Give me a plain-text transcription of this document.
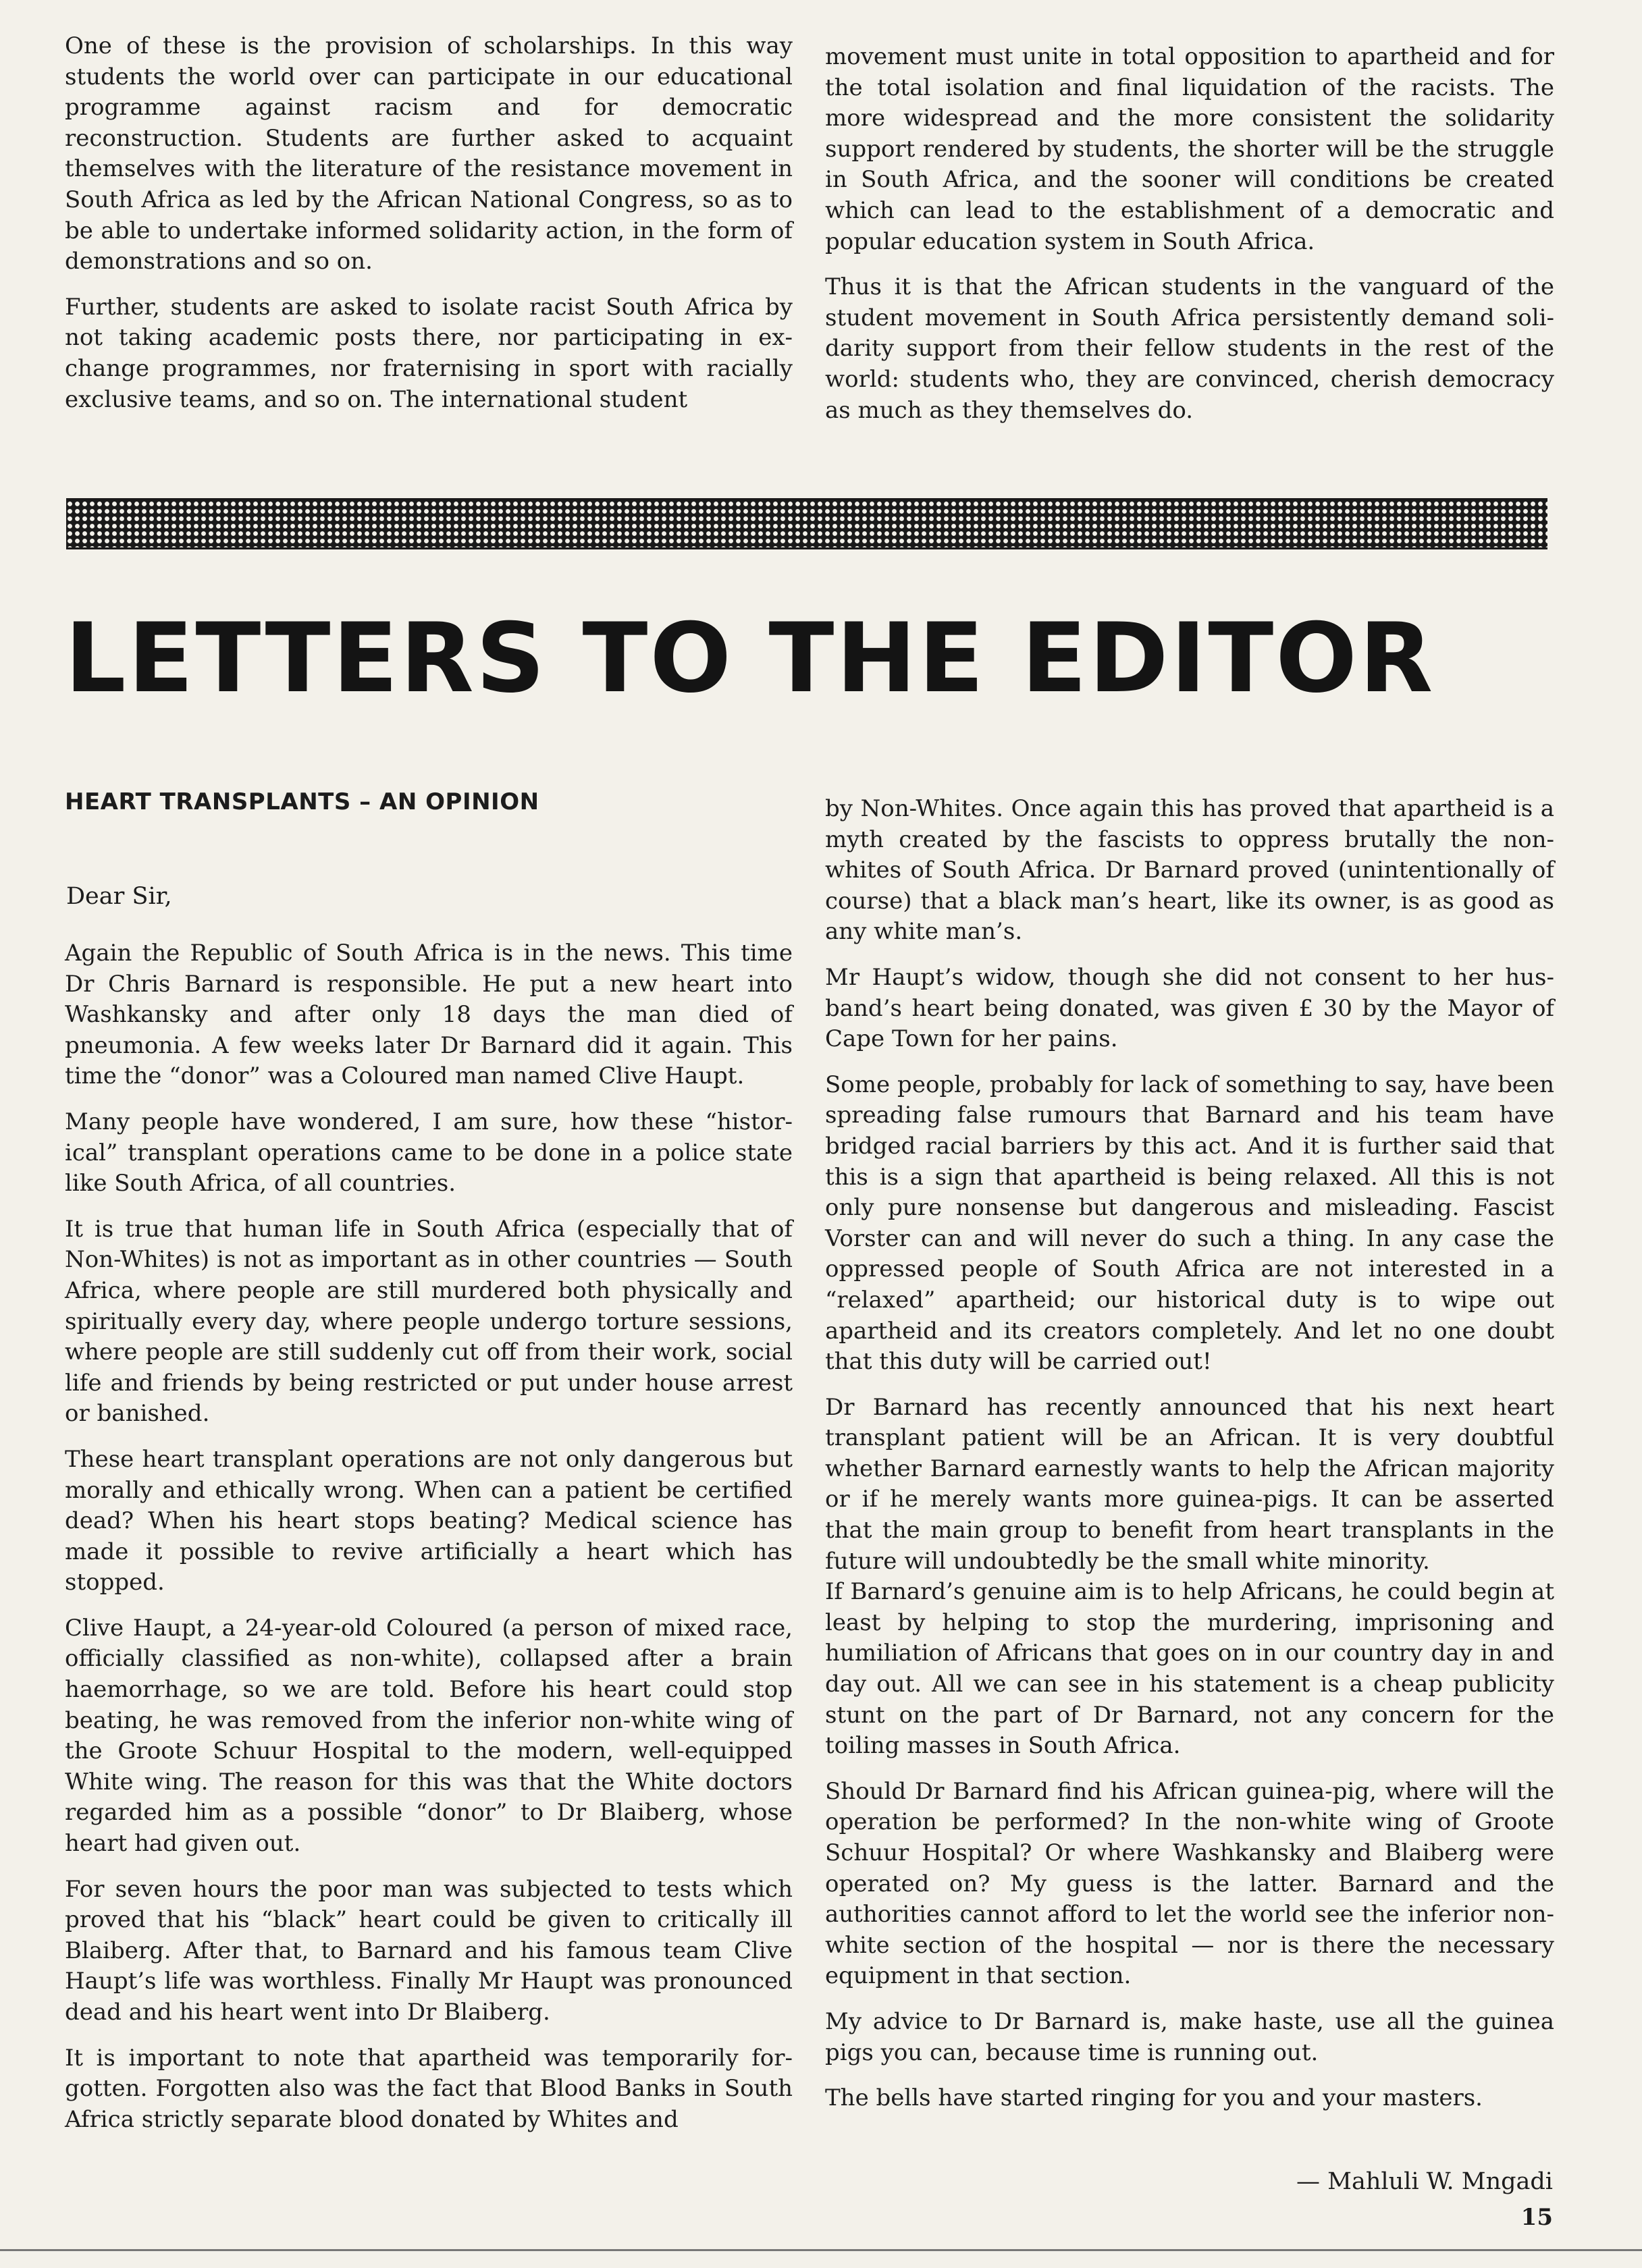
One of these is the provision of scholarships. In this way students the world over can participate in our educational programme against racism and for democratic reconstruction. Students are further asked to acquaint themselves with the literature of the resistance movement in South Africa as led by the African National Congress, so as to be able to undertake informed solidarity action, in the form of demonstrations and so on.

Further, students are asked to isolate racist South Africa by not taking academic posts there, nor participating in exchange programmes, nor fraternising in sport with racially exclusive teams, and so on. The international student

movement must unite in total opposition to apartheid and for the total isolation and final liquidation of the racists. The more widespread and the more consistent the solidarity support rendered by students, the shorter will be the struggle in South Africa, and the sooner will conditions be created which can lead to the establishment of a democratic and popular education system in South Africa.

Thus it is that the African students in the vanguard of the student movement in South Africa persistently demand solidarity support from their fellow students in the rest of the world: students who, they are convinced, cherish democracy as much as they themselves do.

LETTERS TO THE EDITOR
HEART TRANSPLANTS – AN OPINION

Dear Sir,

Again the Republic of South Africa is in the news. This time Dr Chris Barnard is responsible. He put a new heart into Washkansky and after only 18 days the man died of pneumonia. A few weeks later Dr Barnard did it again. This time the “donor” was a Coloured man named Clive Haupt.

Many people have wondered, I am sure, how these “historical” transplant operations came to be done in a police state like South Africa, of all countries.

It is true that human life in South Africa (especially that of Non-Whites) is not as important as in other countries — South Africa, where people are still murdered both physically and spiritually every day, where people undergo torture sessions, where people are still suddenly cut off from their work, social life and friends by being restricted or put under house arrest or banished.

These heart transplant operations are not only dangerous but morally and ethically wrong. When can a patient be certified dead? When his heart stops beating? Medical science has made it possible to revive artificially a heart which has stopped.

Clive Haupt, a 24-year-old Coloured (a person of mixed race, officially classified as non-white), collapsed after a brain haemorrhage, so we are told. Before his heart could stop beating, he was removed from the inferior non-white wing of the Groote Schuur Hospital to the modern, well-equipped White wing. The reason for this was that the White doctors regarded him as a possible “donor” to Dr Blaiberg, whose heart had given out.

For seven hours the poor man was subjected to tests which proved that his “black” heart could be given to critically ill Blaiberg. After that, to Barnard and his famous team Clive Haupt’s life was worthless. Finally Mr Haupt was pronounced dead and his heart went into Dr Blaiberg.

It is important to note that apartheid was temporarily forgotten. Forgotten also was the fact that Blood Banks in South Africa strictly separate blood donated by Whites and

by Non-Whites. Once again this has proved that apartheid is a myth created by the fascists to oppress brutally the non-whites of South Africa. Dr Barnard proved (unintentionally of course) that a black man’s heart, like its owner, is as good as any white man’s.

Mr Haupt’s widow, though she did not consent to her husband’s heart being donated, was given £ 30 by the Mayor of Cape Town for her pains.

Some people, probably for lack of something to say, have been spreading false rumours that Barnard and his team have bridged racial barriers by this act. And it is further said that this is a sign that apartheid is being relaxed. All this is not only pure nonsense but dangerous and misleading. Fascist Vorster can and will never do such a thing. In any case the oppressed people of South Africa are not interested in a “relaxed” apartheid; our historical duty is to wipe out apartheid and its creators completely. And let no one doubt that this duty will be carried out!

Dr Barnard has recently announced that his next heart transplant patient will be an African. It is very doubtful whether Barnard earnestly wants to help the African majority or if he merely wants more guinea-pigs. It can be asserted that the main group to benefit from heart transplants in the future will undoubtedly be the small white minority.

If Barnard’s genuine aim is to help Africans, he could begin at least by helping to stop the murdering, imprisoning and humiliation of Africans that goes on in our country day in and day out. All we can see in his statement is a cheap publicity stunt on the part of Dr Barnard, not any concern for the toiling masses in South Africa.

Should Dr Barnard find his African guinea-pig, where will the operation be performed? In the non-white wing of Groote Schuur Hospital? Or where Washkansky and Blaiberg were operated on? My guess is the latter. Barnard and the authorities cannot afford to let the world see the inferior non-white section of the hospital — nor is there the necessary equipment in that section.

My advice to Dr Barnard is, make haste, use all the guinea pigs you can, because time is running out.

The bells have started ringing for you and your masters.

— Mahluli W. Mngadi

15
